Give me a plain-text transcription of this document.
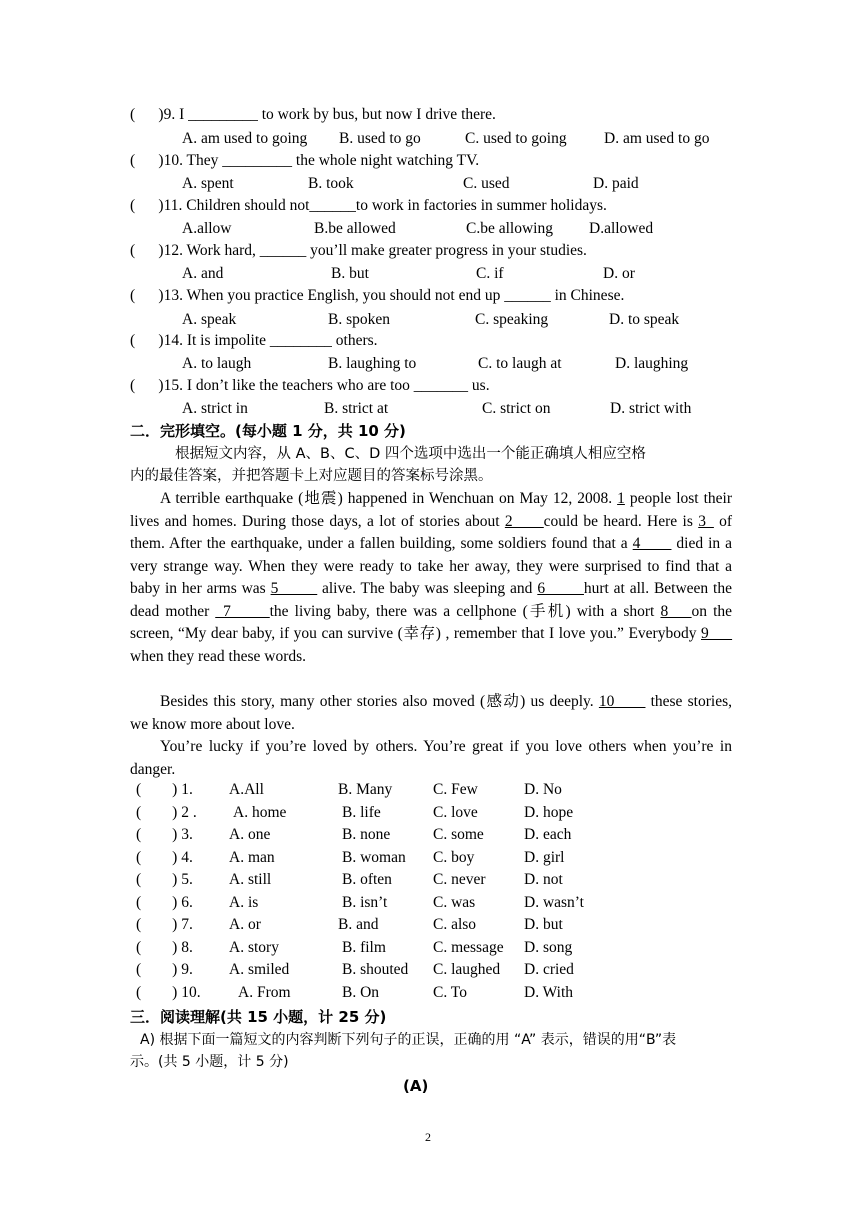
(      )9. I _________ to work by bus, but now I drive there.
A. am used to going B. used to go	C. used to going D. am used to go
(      )10. They _________ the whole night watching TV.
A. spent	B. took	C. used	D. paid
(      )11. Children should not______to work in factories in summer holidays.
A.allow	B.be allowed	C.be allowing D.allowed
(      )12. Work hard, ______ you’ll make greater progress in your studies.
A. and	B. but	C. if	D. or
(      )13. When you practice English, you should not end up ______ in Chinese.
A. speak	B. spoken	C. speaking	D. to speak
(      )14. It is impolite ________ others.
A. to laugh	B. laughing to	C. to laugh at	D. laughing
(      )15. I don’t like the teachers who are too _______ us.
A. strict in	B. strict at	C. strict on	D. strict with
二．完形填空。(每小题 1 分，共 10 分)
根据短文内容，从 A、B、C、D 四个选项中选出一个能正确填人相应空格
内的最佳答案，并把答题卡上对应题目的答案标号涂黑。
A terrible earthquake (地震) happened in Wenchuan on May 12, 2008. 1 people lost their lives and homes. During those days, a lot of stories about 2____could be heard. Here is 3_ of them. After the earthquake, under a fallen building, some soldiers found that a 4____ died in a very strange way. When they were ready to take her away, they were surprised to find that a baby in her arms was 5_____ alive. The baby was sleeping and 6_____hurt at all. Between the dead mother _7_____the living baby, there was a cellphone (手机) with a short 8___on the screen, “My dear baby, if you can survive (幸存) , remember that I love you.” Everybody 9___ when they read these words.
Besides this story, many other stories also moved (感动) us deeply. 10____ these stories, we know more about love.
You’re lucky if you’re loved by others. You’re great if you love others when you’re in danger.
(        ) 1. A.All	B. Many	C. Few	D. No
(        ) 2 . A. home	B. life	C. love	D. hope
(        ) 3. A. one	B. none	C. some	D. each
(        ) 4. A. man	B. woman C. boy	D. girl
(        ) 5. A. still	B. often	C. never D. not
(        ) 6. A. is	B. isn’t	C. was	D. wasn’t
(        ) 7. A. or	B. and	C. also	D. but
(        ) 8. A. story	B. film	C. message D. song
(        ) 9. A. smiled	B. shouted C. laughed D. cried
(        ) 10. A. From	B. On	C. To	D. With
三．阅读理解(共 15 小题，计 25 分)
A) 根据下面一篇短文的内容判断下列句子的正误，正确的用 “A” 表示，错误的用“B”表
示。(共 5 小题，计 5 分)
(A)
2
